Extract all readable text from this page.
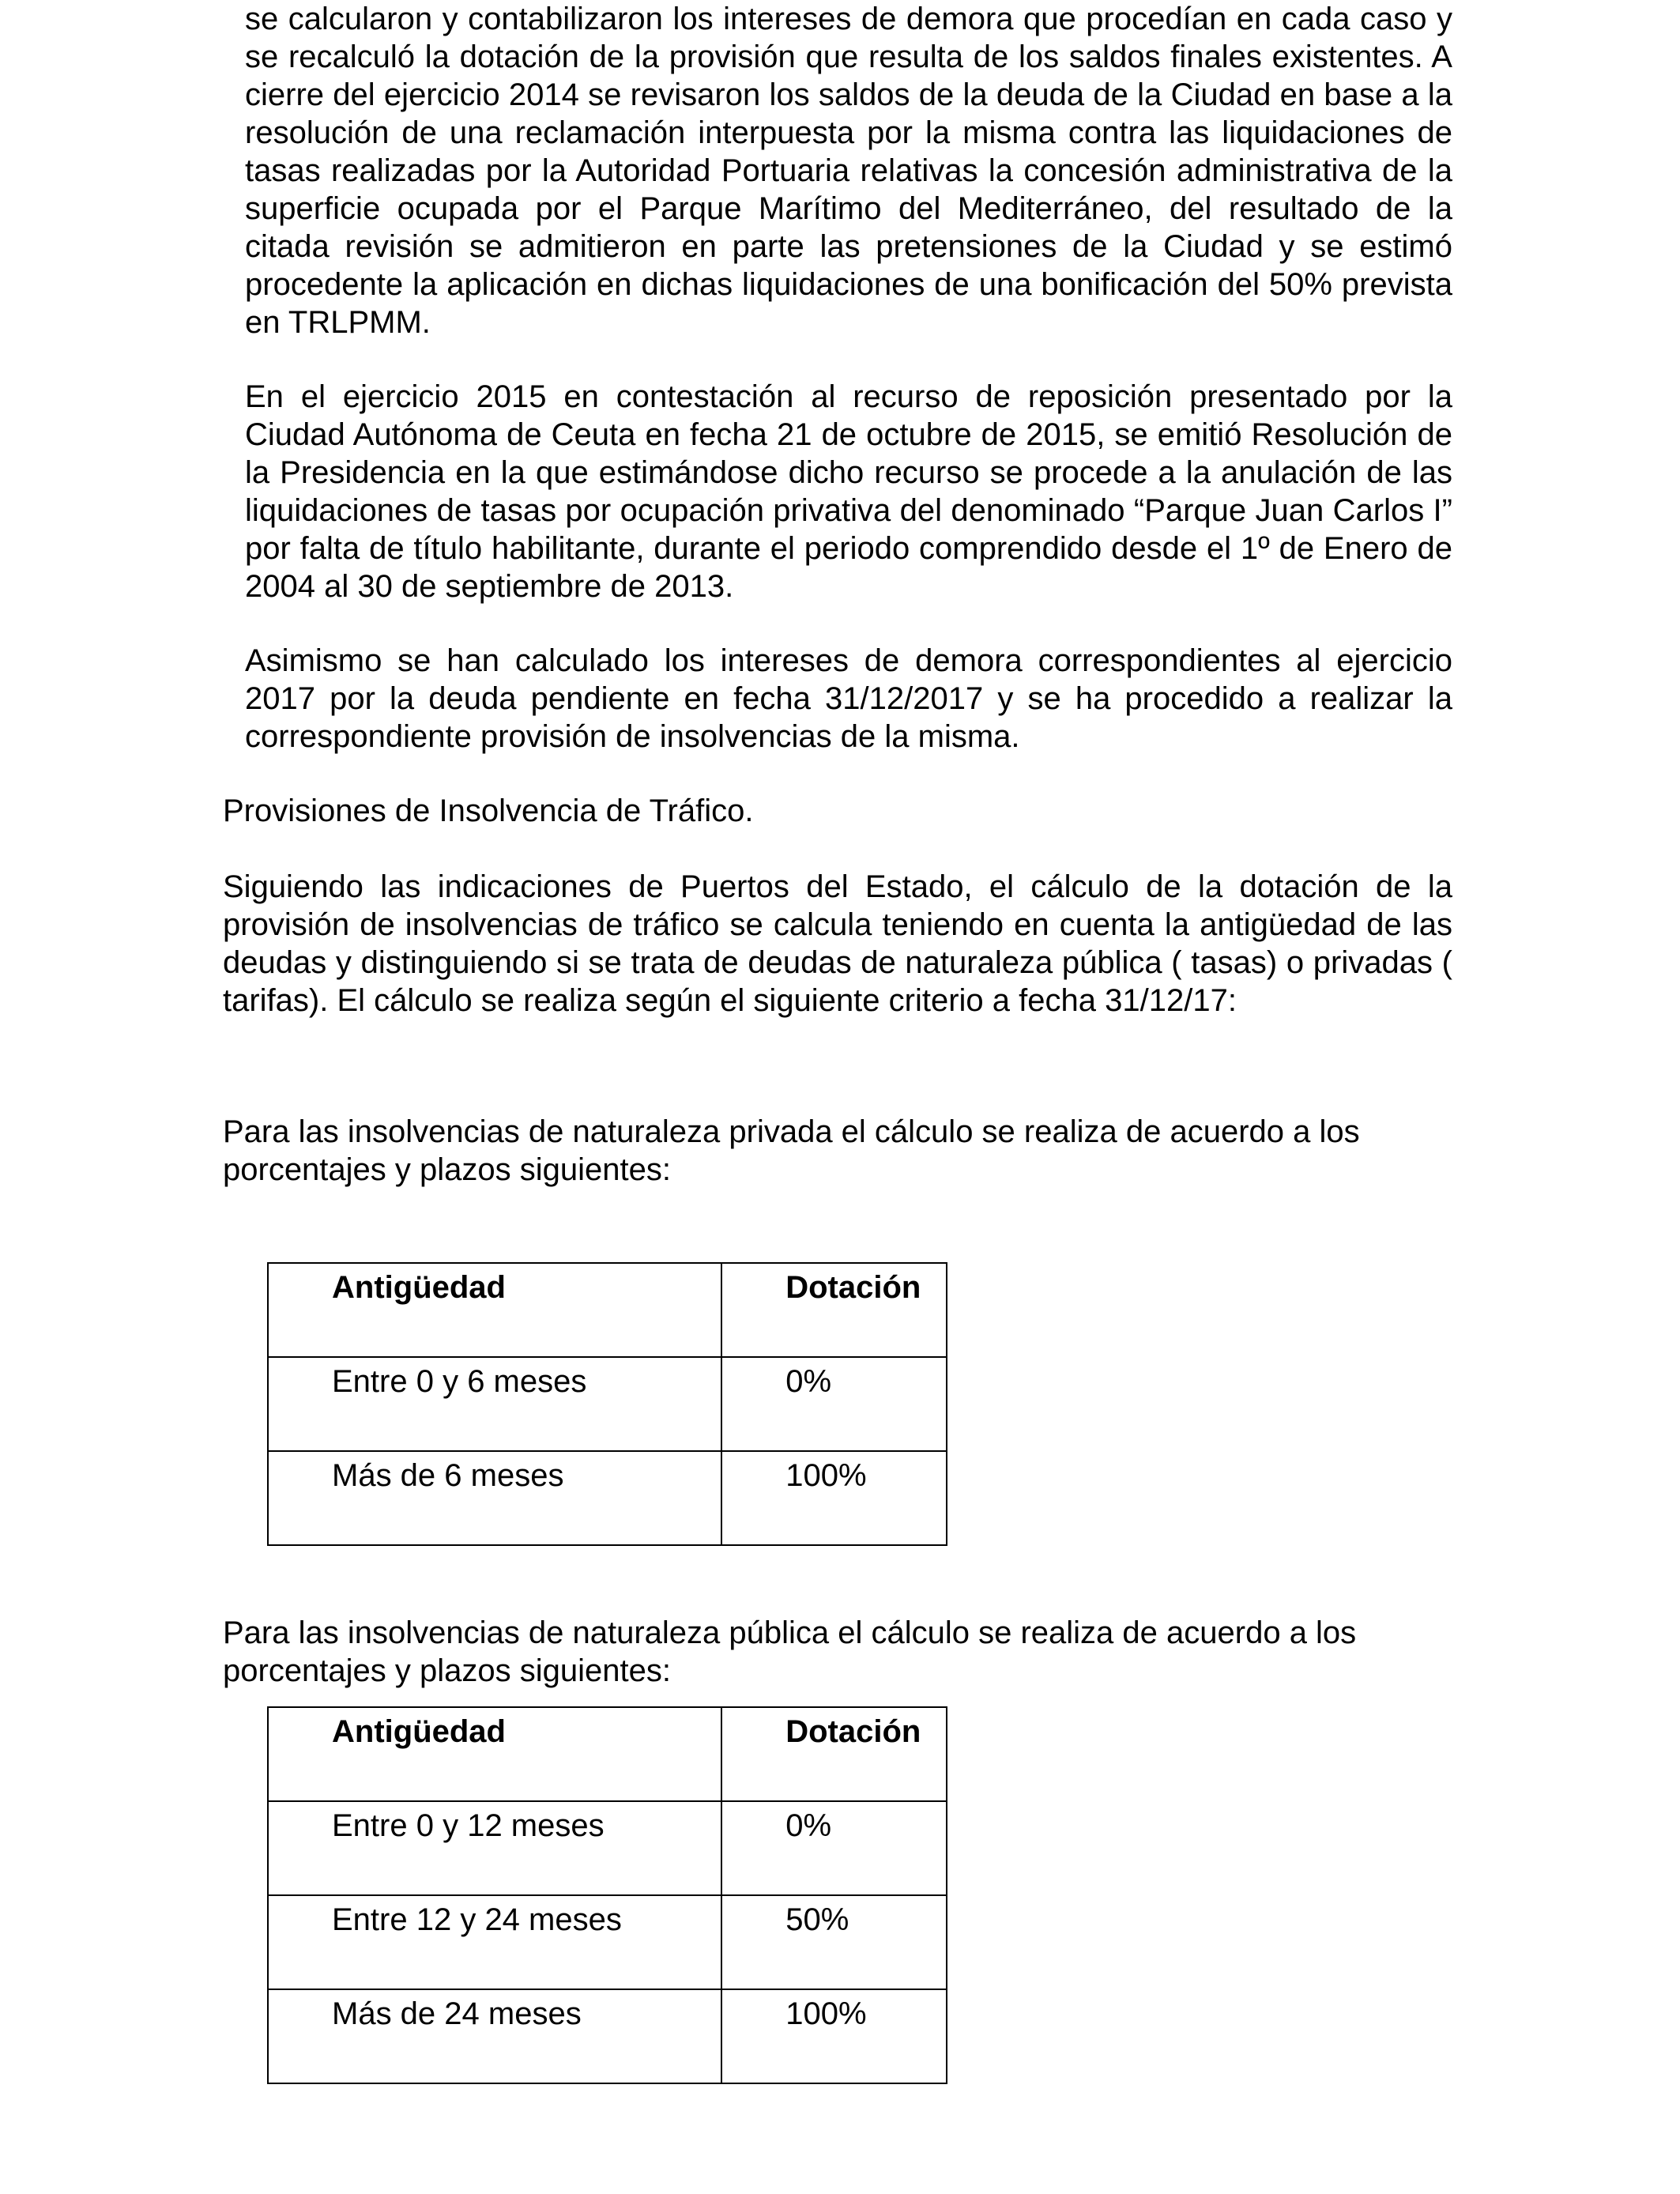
se calcularon y contabilizaron los intereses de demora que procedían en cada caso y se recalculó la dotación de la provisión que resulta de los saldos finales existentes. A cierre del ejercicio 2014 se revisaron los saldos de la deuda de la Ciudad en base a la resolución de una reclamación interpuesta por la misma contra las liquidaciones de tasas realizadas por la Autoridad Portuaria relativas la concesión administrativa de la superficie ocupada por el Parque Marítimo del Mediterráneo, del resultado de la citada revisión se admitieron en parte las pretensiones de la Ciudad y se estimó procedente la aplicación en dichas liquidaciones de una bonificación del 50% prevista en TRLPMM.

En el ejercicio 2015 en contestación al recurso de reposición presentado por la Ciudad Autónoma de Ceuta en fecha 21 de octubre de 2015, se emitió Resolución de la Presidencia en la que estimándose dicho recurso se procede a la anulación de las liquidaciones de tasas por ocupación privativa del denominado “Parque Juan Carlos I” por falta de título habilitante, durante el periodo comprendido desde el 1º de Enero de 2004 al 30 de septiembre de 2013.

Asimismo se han calculado los intereses de demora correspondientes al ejercicio 2017 por la deuda pendiente en fecha 31/12/2017 y se ha procedido a realizar la correspondiente provisión de insolvencias de la misma.

Provisiones de Insolvencia de Tráfico.

Siguiendo las indicaciones de Puertos del Estado, el cálculo de la dotación de la provisión de insolvencias de tráfico se calcula teniendo en cuenta la antigüedad de las deudas y distinguiendo si se trata de deudas de naturaleza pública ( tasas) o privadas ( tarifas). El cálculo se realiza según el siguiente criterio a fecha 31/12/17:

Para las insolvencias de naturaleza privada el cálculo se realiza de acuerdo a los porcentajes y plazos siguientes:

Antigüedad	Dotación
Entre 0 y 6 meses	0%
Más de 6 meses	100%

Para las insolvencias de naturaleza pública el cálculo se realiza de acuerdo a los porcentajes y plazos siguientes:

Antigüedad	Dotación
Entre 0 y 12 meses	0%
Entre 12 y 24 meses	50%
Más de 24 meses	100%
